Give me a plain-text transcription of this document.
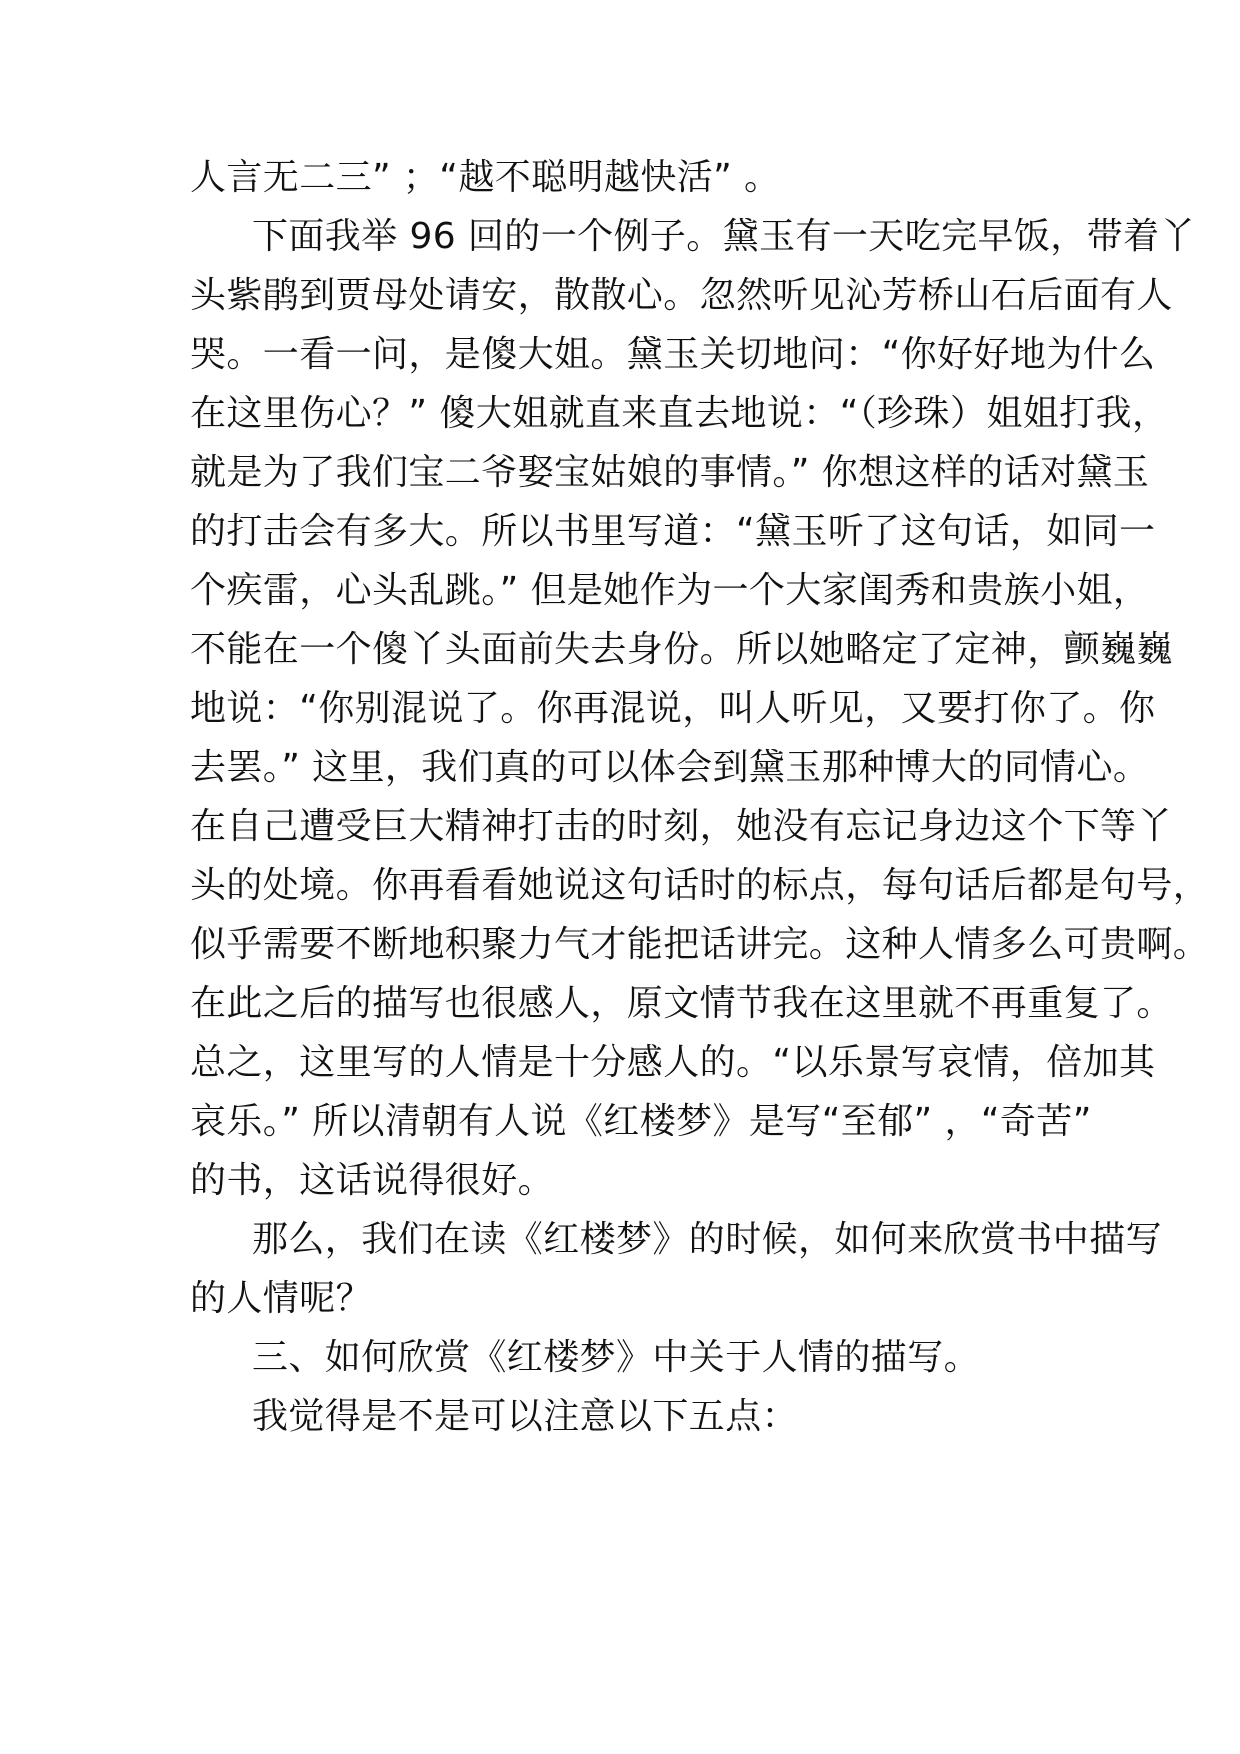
人言无二三” ；“越不聪明越快活” 。
下面我举 96 回的一个例子。黛玉有一天吃完早饭，带着丫
头紫鹃到贾母处请安，散散心。忽然听见沁芳桥山石后面有人
哭。一看一问，是傻大姐。黛玉关切地问：“你好好地为什么
在这里伤心？” 傻大姐就直来直去地说：“（珍珠）姐姐打我，
就是为了我们宝二爷娶宝姑娘的事情。” 你想这样的话对黛玉
的打击会有多大。所以书里写道：“黛玉听了这句话，如同一
个疾雷，心头乱跳。” 但是她作为一个大家闺秀和贵族小姐，
不能在一个傻丫头面前失去身份。所以她略定了定神，颤巍巍
地说：“你别混说了。你再混说，叫人听见，又要打你了。你
去罢。” 这里，我们真的可以体会到黛玉那种博大的同情心。
在自己遭受巨大精神打击的时刻，她没有忘记身边这个下等丫
头的处境。你再看看她说这句话时的标点，每句话后都是句号，
似乎需要不断地积聚力气才能把话讲完。这种人情多么可贵啊。
在此之后的描写也很感人，原文情节我在这里就不再重复了。
总之，这里写的人情是十分感人的。“以乐景写哀情，倍加其
哀乐。” 所以清朝有人说《红楼梦》是写“至郁” ，“奇苦”
的书，这话说得很好。
那么，我们在读《红楼梦》的时候，如何来欣赏书中描写
的人情呢？
三、如何欣赏《红楼梦》中关于人情的描写。
我觉得是不是可以注意以下五点：
